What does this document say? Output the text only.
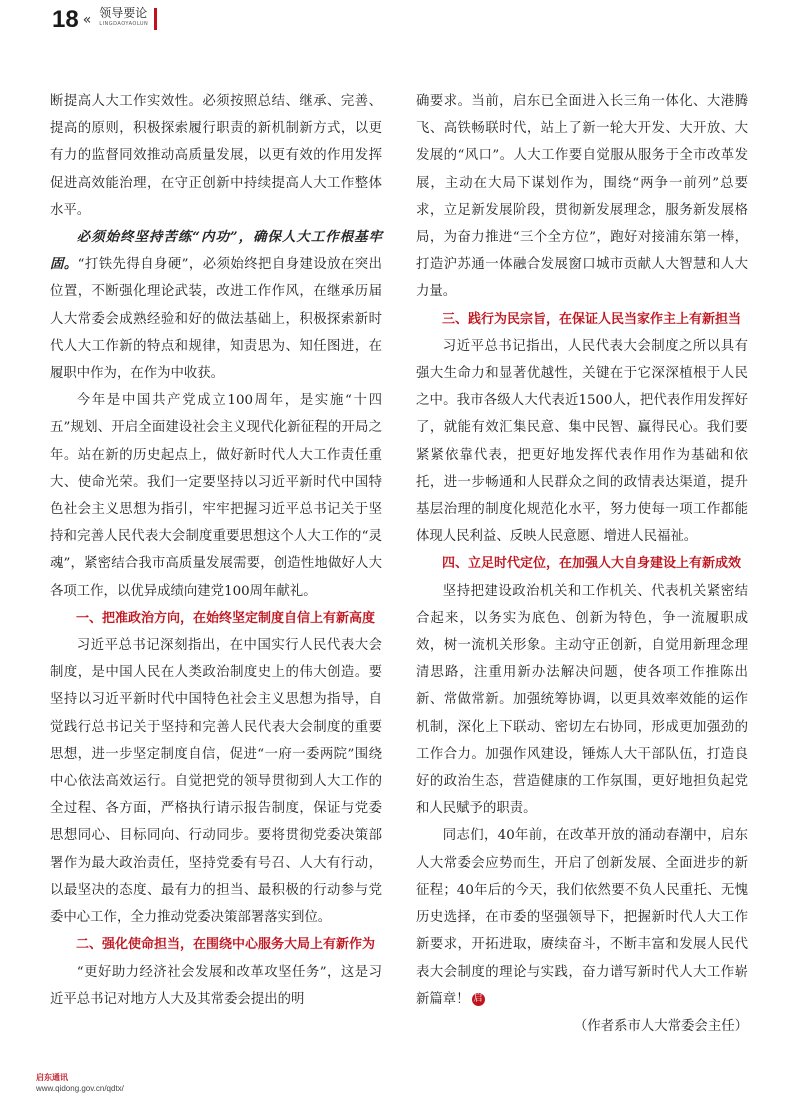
18 « 领导要论
LINGDAOYAOLUN

断提高人大工作实效性。必须按照总结、继承、完善、提高的原则，积极探索履行职责的新机制新方式，以更有力的监督同效推动高质量发展，以更有效的作用发挥促进高效能治理，在守正创新中持续提高人大工作整体水平。

必须始终坚持苦练“内功”，确保人大工作根基牢固。“打铁先得自身硬”，必须始终把自身建设放在突出位置，不断强化理论武装，改进工作作风，在继承历届人大常委会成熟经验和好的做法基础上，积极探索新时代人大工作新的特点和规律，知责思为、知任图进，在履职中作为，在作为中收获。

今年是中国共产党成立100周年，是实施“十四五”规划、开启全面建设社会主义现代化新征程的开局之年。站在新的历史起点上，做好新时代人大工作责任重大、使命光荣。我们一定要坚持以习近平新时代中国特色社会主义思想为指引，牢牢把握习近平总书记关于坚持和完善人民代表大会制度重要思想这个人大工作的“灵魂”，紧密结合我市高质量发展需要，创造性地做好人大各项工作，以优异成绩向建党100周年献礼。

一、把准政治方向，在始终坚定制度自信上有新高度

习近平总书记深刻指出，在中国实行人民代表大会制度，是中国人民在人类政治制度史上的伟大创造。要坚持以习近平新时代中国特色社会主义思想为指导，自觉践行总书记关于坚持和完善人民代表大会制度的重要思想，进一步坚定制度自信，促进“一府一委两院”围绕中心依法高效运行。自觉把党的领导贯彻到人大工作的全过程、各方面，严格执行请示报告制度，保证与党委思想同心、目标同向、行动同步。要将贯彻党委决策部署作为最大政治责任，坚持党委有号召、人大有行动，以最坚决的态度、最有力的担当、最积极的行动参与党委中心工作，全力推动党委决策部署落实到位。

二、强化使命担当，在围绕中心服务大局上有新作为

“更好助力经济社会发展和改革攻坚任务”，这是习近平总书记对地方人大及其常委会提出的明

确要求。当前，启东已全面进入长三角一体化、大港腾飞、高铁畅联时代，站上了新一轮大开发、大开放、大发展的“风口”。人大工作要自觉服从服务于全市改革发展，主动在大局下谋划作为，围绕“两争一前列”总要求，立足新发展阶段，贯彻新发展理念，服务新发展格局，为奋力推进“三个全方位”，跑好对接浦东第一棒，打造沪苏通一体融合发展窗口城市贡献人大智慧和人大力量。

三、践行为民宗旨，在保证人民当家作主上有新担当

习近平总书记指出，人民代表大会制度之所以具有强大生命力和显著优越性，关键在于它深深植根于人民之中。我市各级人大代表近1500人，把代表作用发挥好了，就能有效汇集民意、集中民智、赢得民心。我们要紧紧依靠代表，把更好地发挥代表作用作为基础和依托，进一步畅通和人民群众之间的政情表达渠道，提升基层治理的制度化规范化水平，努力使每一项工作都能体现人民利益、反映人民意愿、增进人民福祉。

四、立足时代定位，在加强人大自身建设上有新成效

坚持把建设政治机关和工作机关、代表机关紧密结合起来，以务实为底色、创新为特色，争一流履职成效，树一流机关形象。主动守正创新，自觉用新理念理清思路，注重用新办法解决问题，使各项工作推陈出新、常做常新。加强统筹协调，以更具效率效能的运作机制，深化上下联动、密切左右协同，形成更加强劲的工作合力。加强作风建设，锤炼人大干部队伍，打造良好的政治生态，营造健康的工作氛围，更好地担负起党和人民赋予的职责。

同志们，40年前，在改革开放的涌动春潮中，启东人大常委会应势而生，开启了创新发展、全面进步的新征程；40年后的今天，我们依然要不负人民重托、无愧历史选择，在市委的坚强领导下，把握新时代人大工作新要求，开拓进取，赓续奋斗，不断丰富和发展人民代表大会制度的理论与实践，奋力谱写新时代人大工作崭新篇章！ 启

（作者系市人大常委会主任）

启东通讯
www.qidong.gov.cn/qdtx/
